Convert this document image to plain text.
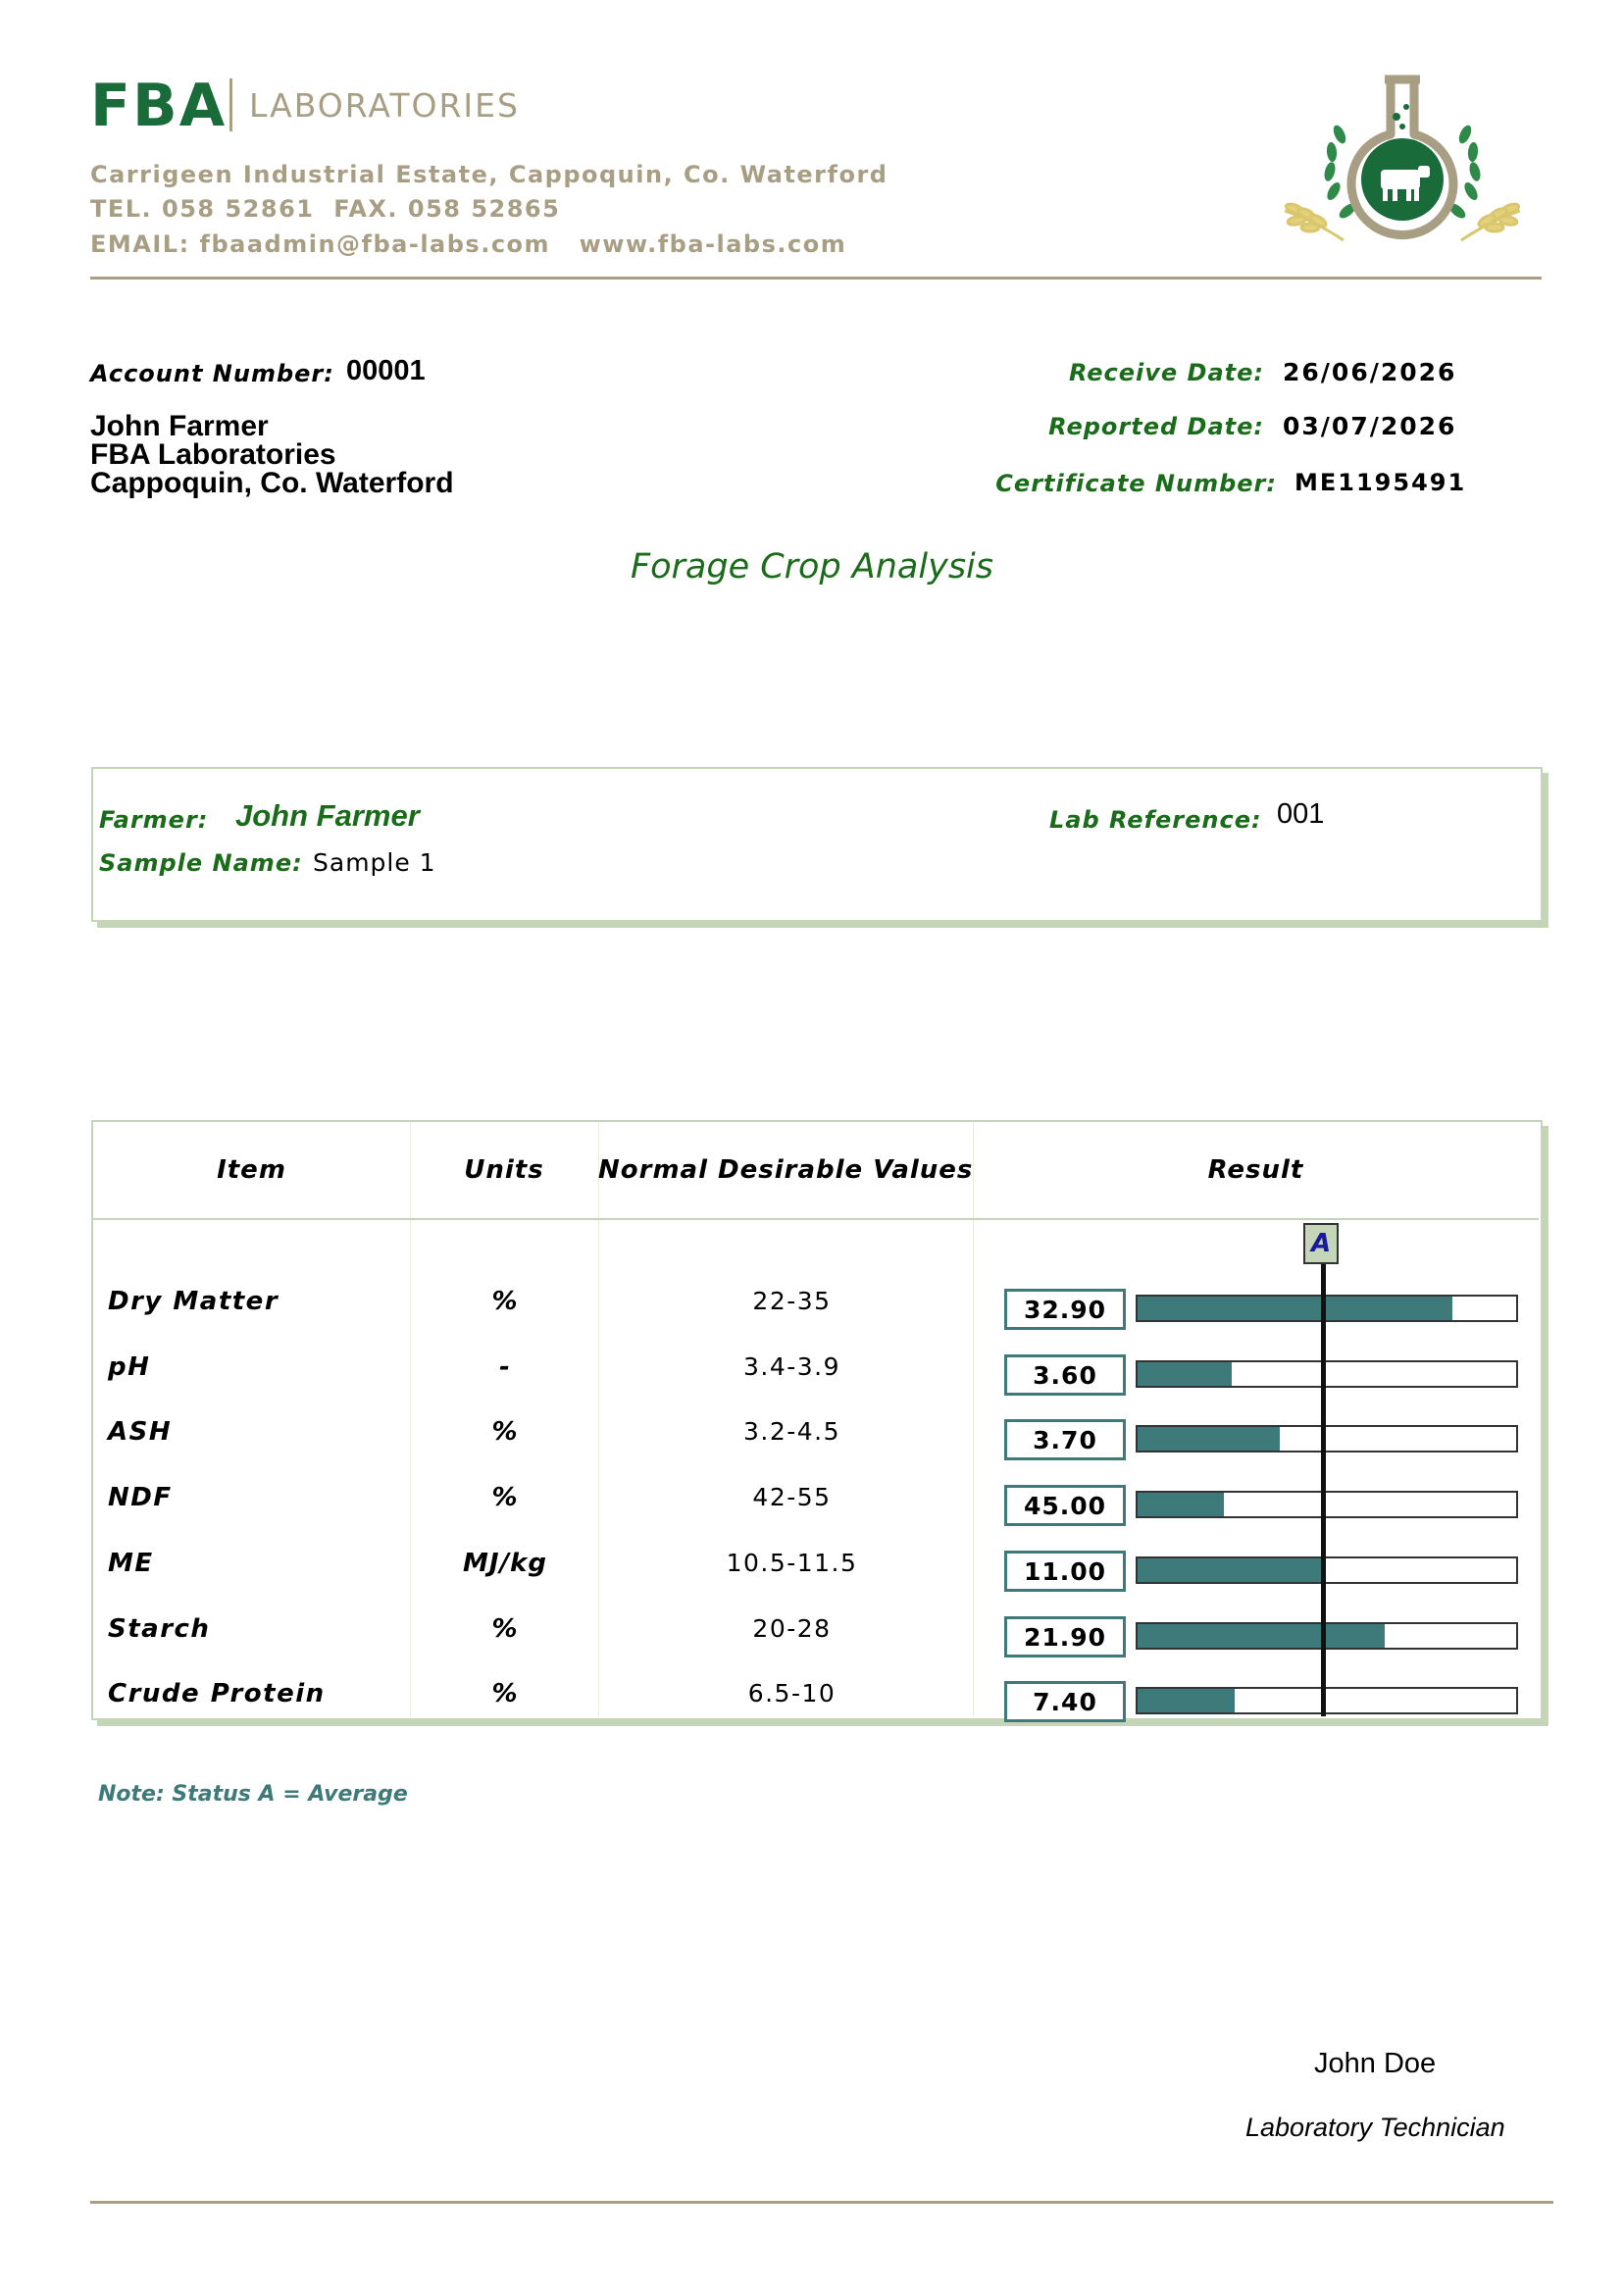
FBA LABORATORIES
Carrigeen Industrial Estate, Cappoquin, Co. Waterford
TEL. 058 52861  FAX. 058 52865
EMAIL: fbaadmin@fba-labs.com   www.fba-labs.com
Account Number: 00001
John Farmer
FBA Laboratories
Cappoquin, Co. Waterford
Receive Date: 26/06/2026
Reported Date: 03/07/2026
Certificate Number: ME1195491
Forage Crop Analysis
Farmer: John Farmer	Lab Reference: 001
Sample Name: Sample 1
Item	Units	Normal Desirable Values	Result
Dry Matter	%	22-35	32.90
pH	-	3.4-3.9	3.60
ASH	%	3.2-4.5	3.70
NDF	%	42-55	45.00
ME	MJ/kg	10.5-11.5	11.00
Starch	%	20-28	21.90
Crude Protein	%	6.5-10	7.40
A
Note: Status A = Average
John Doe
Laboratory Technician
